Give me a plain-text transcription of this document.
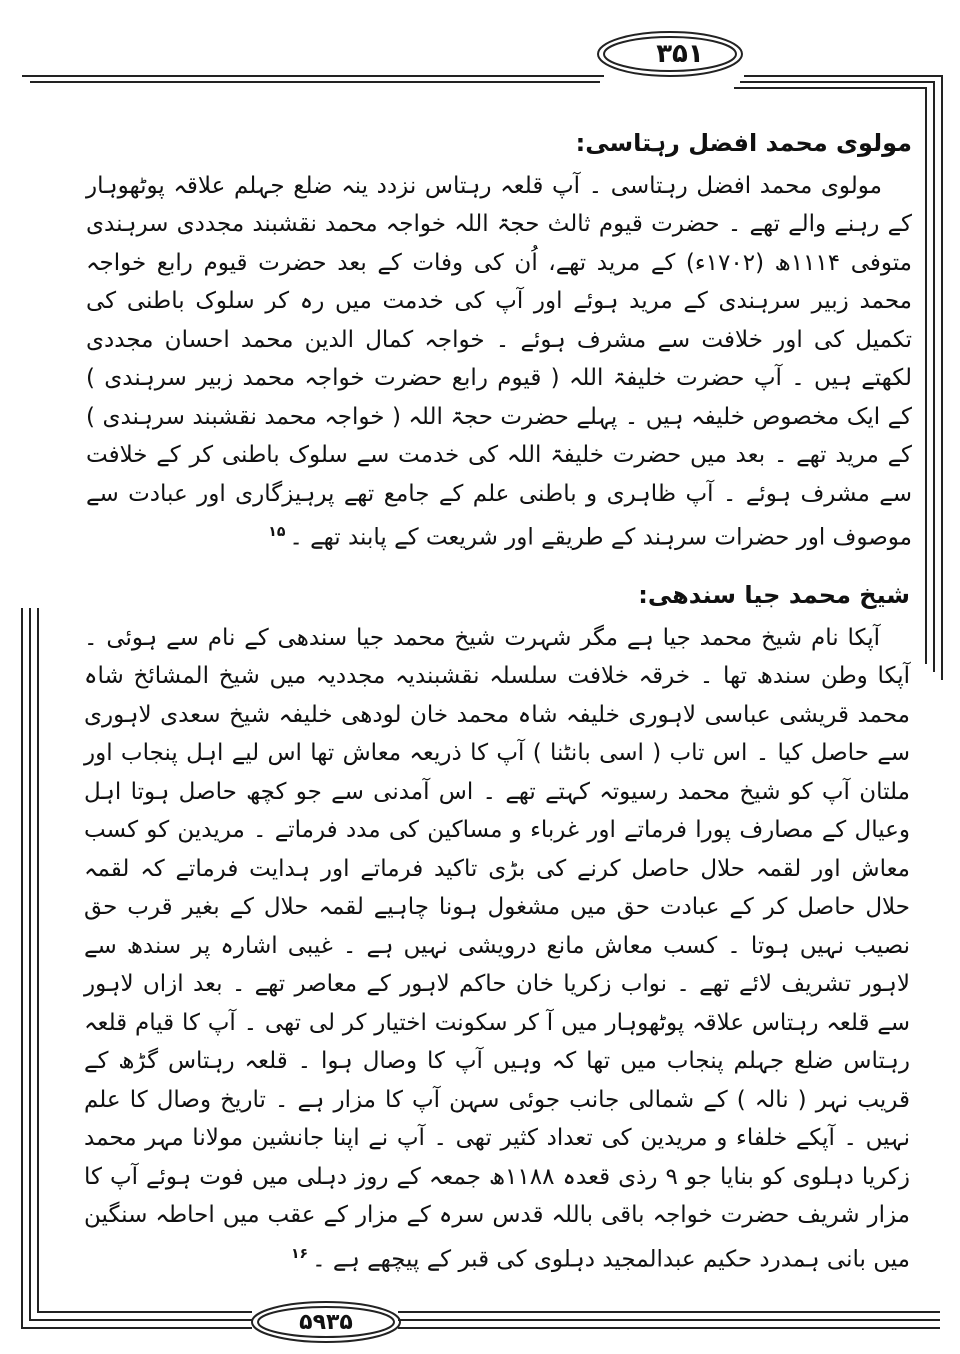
۳۵۱
مولوی محمد افضل رہتاسی:
مولوی محمد افضل رہتاسی ۔ آپ قلعہ رہتاس نزدد ینہ ضلع جہلم علاقہ پوٹھوہار کے رہنے والے تھے ۔ حضرت قیوم ثالث حجۃ اللہ خواجہ محمد نقشبند مجددی سرہندی متوفی ۱۱۱۴ھ (۱۷۰۲ء) کے مرید تھے، اُن کی وفات کے بعد حضرت قیوم رابع خواجہ محمد زبیر سرہندی کے مرید ہوئے اور آپ کی خدمت میں رہ کر سلوک باطنی کی تکمیل کی اور خلافت سے مشرف ہوئے ۔ خواجہ کمال الدین محمد احسان مجددی لکھتے ہیں ۔ آپ حضرت خلیفۃ اللہ ( قیوم رابع حضرت خواجہ محمد زبیر سرہندی ) کے ایک مخصوص خلیفہ ہیں ۔ پہلے حضرت حجۃ اللہ ( خواجہ محمد نقشبند سرہندی ) کے مرید تھے ۔ بعد میں حضرت خلیفۃ اللہ کی خدمت سے سلوک باطنی کر کے خلافت سے مشرف ہوئے ۔ آپ ظاہری و باطنی علم کے جامع تھے پرہیزگاری اور عبادت سے موصوف اور حضرات سرہند کے طریقے اور شریعت کے پابند تھے ۔$^{۱۵}$
شیخ محمد جیا سندھی:
آپکا نام شیخ محمد جیا ہے مگر شہرت شیخ محمد جیا سندھی کے نام سے ہوئی ۔ آپکا وطن سندھ تھا ۔ خرقہ خلافت سلسلہ نقشبندیہ مجددیہ میں شیخ المشائخ شاہ محمد قریشی عباسی لاہوری خلیفہ شاہ محمد خان لودھی خلیفہ شیخ سعدی لاہوری سے حاصل کیا ۔ اس تاب ( اسی بانٹنا ) آپ کا ذریعہ معاش تھا اس لیے اہل پنجاب اور ملتان آپ کو شیخ محمد رسیوتہ کہتے تھے ۔ اس آمدنی سے جو کچھ حاصل ہوتا اہل وعیال کے مصارف پورا فرماتے اور غرباء و مساکین کی مدد فرماتے ۔ مریدین کو کسب معاش اور لقمہ حلال حاصل کرنے کی بڑی تاکید فرماتے اور ہدایت فرماتے کہ لقمہ حلال حاصل کر کے عبادت حق میں مشغول ہونا چاہیے لقمہ حلال کے بغیر قرب حق نصیب نہیں ہوتا ۔ کسب معاش مانع درویشی نہیں ہے ۔ غیبی اشارہ پر سندھ سے لاہور تشریف لائے تھے ۔ نواب زکریا خان حاکم لاہور کے معاصر تھے ۔ بعد ازاں لاہور سے قلعہ رہتاس علاقہ پوٹھوہار میں آ کر سکونت اختیار کر لی تھی ۔ آپ کا قیام قلعہ رہتاس ضلع جہلم پنجاب میں تھا کہ وہیں آپ کا وصال ہوا ۔ قلعہ رہتاس گڑھ کے قریب نہر ( نالہ ) کے شمالی جانب جوئی سہن آپ کا مزار ہے ۔ تاریخ وصال کا علم نہیں ۔ آپکے خلفاء و مریدین کی تعداد کثیر تھی ۔ آپ نے اپنا جانشین مولانا مہر محمد زکریا دہلوی کو بنایا جو ۹ رذی قعدہ ۱۱۸۸ھ جمعہ کے روز دہلی میں فوت ہوئے آپ کا مزار شریف حضرت خواجہ باقی باللہ قدس سرہ کے مزار کے عقب میں احاطہ سنگین میں بانی ہمدرد حکیم عبدالمجید دہلوی کی قبر کے پیچھے ہے ۔$^{۱۶}$
۵۹۳۵
